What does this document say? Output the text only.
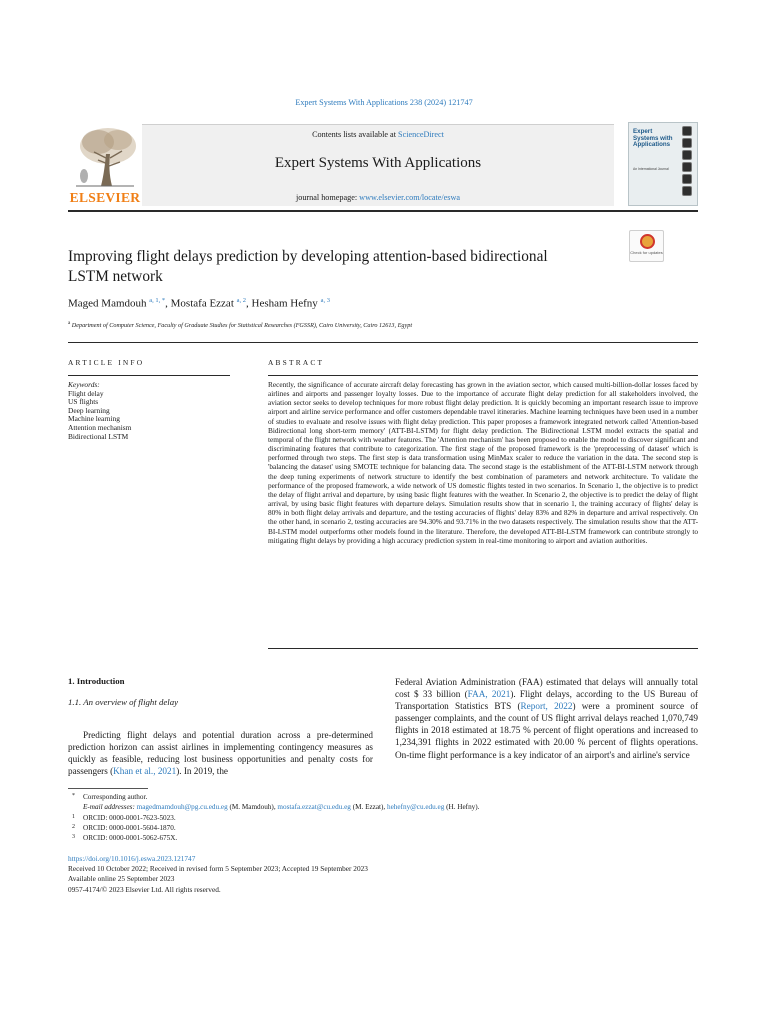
Expert Systems With Applications 238 (2024) 121747
ELSEVIER
Contents lists available at ScienceDirect
Expert Systems With Applications
journal homepage: www.elsevier.com/locate/eswa
Expert Systems with Applications
An International Journal
Improving flight delays prediction by developing attention-based bidirectional LSTM network
Check for updates
Maged Mamdouh $^{a, 1, *}$, Mostafa Ezzat $^{a, 2}$, Hesham Hefny $^{a, 3}$
$^a$ Department of Computer Science, Faculty of Graduate Studies for Statistical Researches (FGSSR), Cairo University, Cairo 12613, Egypt
ARTICLE INFO
Keywords:
Flight delay
US flights
Deep learning
Machine learning
Attention mechanism
Bidirectional LSTM
ABSTRACT
Recently, the significance of accurate aircraft delay forecasting has grown in the aviation sector, which caused multi-billion-dollar losses faced by airlines and airports and passenger loyalty losses. Due to the importance of accurate flight delay prediction for all stakeholders involved, the aviation sector seeks to develop techniques for more robust flight delay prediction. It is quickly becoming an important research issue to improve airport and airline service performance and offer customers dependable travel itineraries. Machine learning techniques have been used in a number of studies to evaluate and resolve issues with flight delay prediction. This paper proposes a framework integrated network called 'Attention-based Bidirectional long short-term memory' (ATT-BI-LSTM) for flight delay prediction. The Bidirectional LSTM model extracts the spatial and temporal of the flight network with weather features. The 'Attention mechanism' has been proposed to enable the model to discover significant and discriminating features that contribute to categorization. The first stage of the proposed framework is the 'preprocessing of dataset' which is performed through two steps. The first step is data transformation using MinMax scaler to reduce the variation in the data. The second step is 'balancing the dataset' using SMOTE technique for balancing data. The second stage is the establishment of the ATT-BI-LSTM network through the deep tuning experiments of network structure to identify the best combination of parameters and network architecture. To validate the performance of the proposed framework, a wide network of US domestic flights tested in two scenarios. In Scenario 1, the objective is to predict the delay of flight arrival and departure, by using basic flight features with the weather. In Scenario 2, the objective is to predict the delay of flight arrival, by using basic flight features with departure delays. Simulation results show that in scenario 1, the training accuracy of flights' delay is 80% in both flight delay arrivals and departure, and the testing accuracies of flights' delay 83% and 82% in departure and arrival respectively. On the other hand, in scenario 2, testing accuracies are 94.30% and 93.71% in the two datasets respectively. The simulation results show that the ATT-BI-LSTM model outperforms other models found in the literature. Therefore, the developed ATT-BI-LSTM framework can contribute strongly to mitigating flight delays by providing a high accuracy prediction system in real-time monitoring to airport and aviation authorities.
1. Introduction
1.1. An overview of flight delay
Predicting flight delays and potential duration across a pre-determined prediction horizon can assist airlines in implementing contingency measures as quickly as feasible, reducing lost business opportunities and penalty costs for passengers (Khan et al., 2021). In 2019, the
Federal Aviation Administration (FAA) estimated that delays will annually total cost $ 33 billion (FAA, 2021). Flight delays, according to the US Bureau of Transportation Statistics BTS (Report, 2022) were a prominent source of passenger complaints, and the count of US flight arrival delays reached 1,070,749 flights in 2018 estimated at 18.75 % percent of flight operations and increased to 1,234,391 flights in 2022 estimated with 20.00 % percent of flights operations. On-time flight performance is a key indicator of an airport's and airline's service
* Corresponding author.
E-mail addresses: magedmamdouh@pg.cu.edu.eg (M. Mamdouh), mostafa.ezzat@cu.edu.eg (M. Ezzat), hehefny@cu.edu.eg (H. Hefny).
1 ORCID: 0000-0001-7623-5023.
2 ORCID: 0000-0001-5604-1870.
3 ORCID: 0000-0001-5062-675X.
https://doi.org/10.1016/j.eswa.2023.121747
Received 10 October 2022; Received in revised form 5 September 2023; Accepted 19 September 2023
Available online 25 September 2023
0957-4174/© 2023 Elsevier Ltd. All rights reserved.
